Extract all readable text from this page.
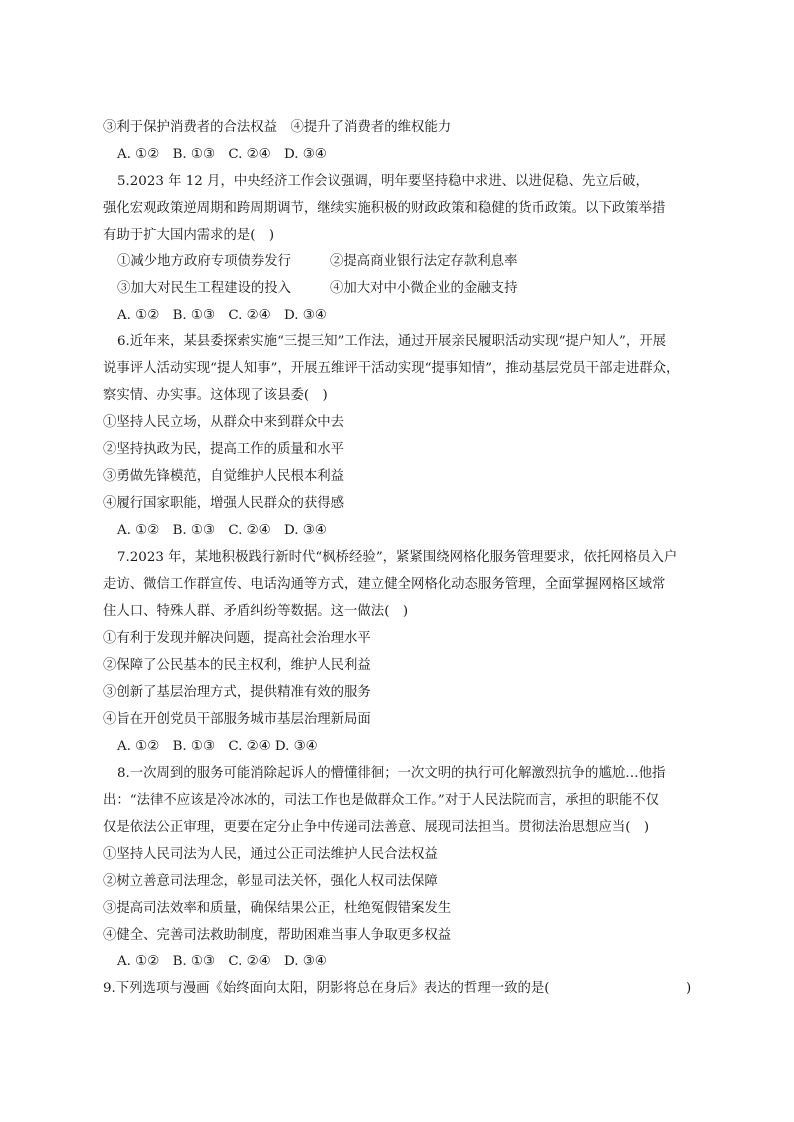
③利于保护消费者的合法权益　④提升了消费者的维权能力
A. ①②　B. ①③　C. ②④　D. ③④
5.2023 年 12 月，中央经济工作会议强调，明年要坚持稳中求进、以进促稳、先立后破，
强化宏观政策逆周期和跨周期调节，继续实施积极的财政政策和稳健的货币政策。以下政策举措
有助于扩大国内需求的是(　)
①减少地方政府专项债券发行	②提高商业银行法定存款利息率
③加大对民生工程建设的投入	④加大对中小微企业的金融支持
A. ①②　B. ①③　C. ②④　D. ③④
6.近年来，某县委探索实施“三提三知”工作法，通过开展亲民履职活动实现“提户知人”，开展
说事评人活动实现“提人知事”，开展五维评干活动实现“提事知情”，推动基层党员干部走进群众，
察实情、办实事。这体现了该县委(　)
①坚持人民立场，从群众中来到群众中去
②坚持执政为民，提高工作的质量和水平
③勇做先锋模范，自觉维护人民根本利益
④履行国家职能，增强人民群众的获得感
A. ①②　B. ①③　C. ②④　D. ③④
7.2023 年，某地积极践行新时代“枫桥经验”，紧紧围绕网格化服务管理要求，依托网格员入户
走访、微信工作群宣传、电话沟通等方式，建立健全网格化动态服务管理，全面掌握网格区域常
住人口、特殊人群、矛盾纠纷等数据。这一做法(　)
①有利于发现并解决问题，提高社会治理水平
②保障了公民基本的民主权利，维护人民利益
③创新了基层治理方式，提供精准有效的服务
④旨在开创党员干部服务城市基层治理新局面
A. ①②　B. ①③　C. ②④ D. ③④
8.一次周到的服务可能消除起诉人的懵懂徘徊；一次文明的执行可化解激烈抗争的尴尬…他指
出：“法律不应该是冷冰冰的，司法工作也是做群众工作。”对于人民法院而言，承担的职能不仅
仅是依法公正审理，更要在定分止争中传递司法善意、展现司法担当。贯彻法治思想应当(　)
①坚持人民司法为人民，通过公正司法维护人民合法权益
②树立善意司法理念，彰显司法关怀，强化人权司法保障
③提高司法效率和质量，确保结果公正，杜绝冤假错案发生
④健全、完善司法救助制度，帮助困难当事人争取更多权益
A. ①②　B. ①③　C. ②④　D. ③④
9.下列选项与漫画《始终面向太阳，阴影将总在身后》表达的哲理一致的是(	)
